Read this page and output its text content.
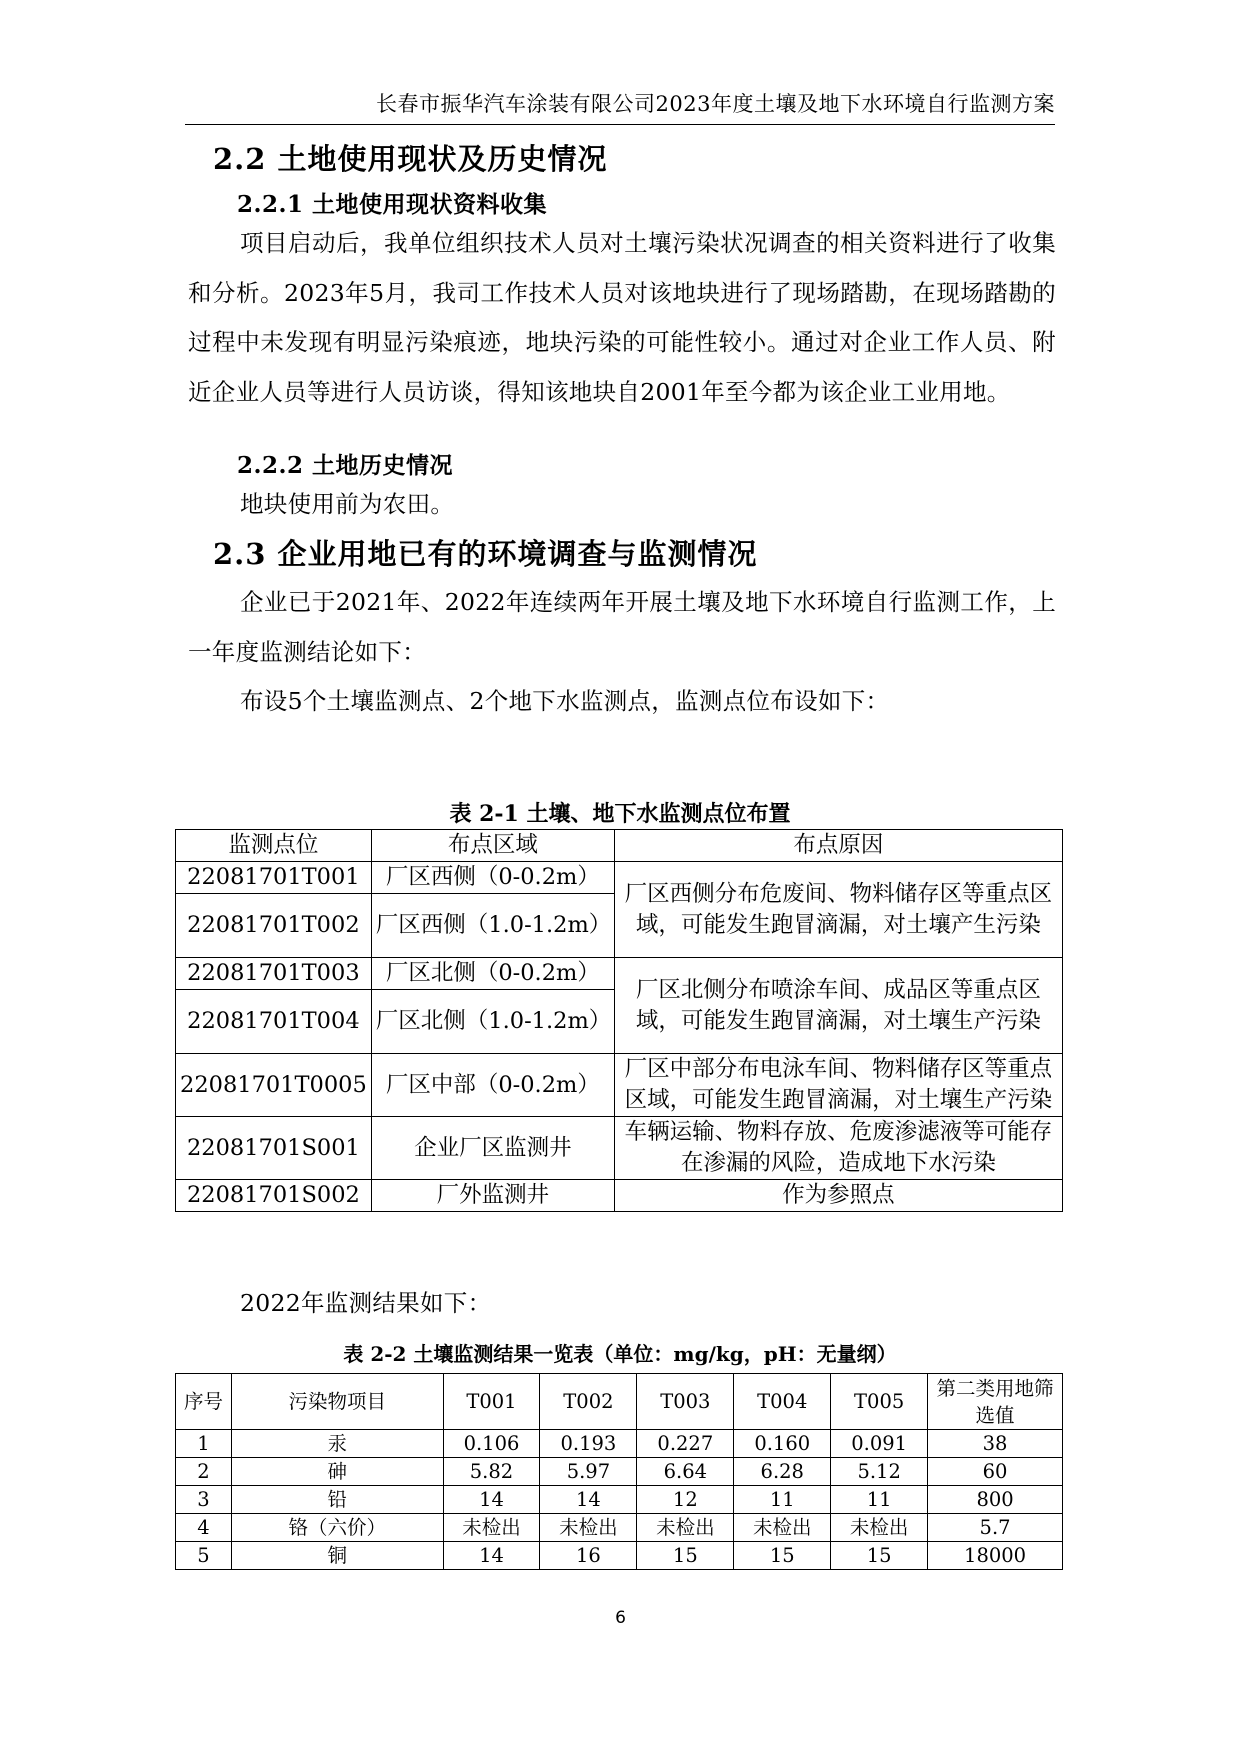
长春市振华汽车涂装有限公司2023年度土壤及地下水环境自行监测方案
2.2 土地使用现状及历史情况
2.2.1 土地使用现状资料收集
项目启动后，我单位组织技术人员对土壤污染状况调查的相关资料进行了收集和分析。2023年5月，我司工作技术人员对该地块进行了现场踏勘，在现场踏勘的过程中未发现有明显污染痕迹，地块污染的可能性较小。通过对企业工作人员、附近企业人员等进行人员访谈，得知该地块自2001年至今都为该企业工业用地。
2.2.2 土地历史情况
地块使用前为农田。
2.3 企业用地已有的环境调查与监测情况
企业已于2021年、2022年连续两年开展土壤及地下水环境自行监测工作，上一年度监测结论如下：
布设5个土壤监测点、2个地下水监测点，监测点位布设如下：
表 2-1 土壤、地下水监测点位布置
监测点位	布点区域	布点原因
22081701T001	厂区西侧（0-0.2m）	厂区西侧分布危废间、物料储存区等重点区域，可能发生跑冒滴漏，对土壤产生污染
22081701T002	厂区西侧（1.0-1.2m）	
22081701T003	厂区北侧（0-0.2m）	厂区北侧分布喷涂车间、成品区等重点区域，可能发生跑冒滴漏，对土壤生产污染
22081701T004	厂区北侧（1.0-1.2m）	
22081701T0005	厂区中部（0-0.2m）	厂区中部分布电泳车间、物料储存区等重点区域，可能发生跑冒滴漏，对土壤生产污染
22081701S001	企业厂区监测井	车辆运输、物料存放、危废渗滤液等可能存在渗漏的风险，造成地下水污染
22081701S002	厂外监测井	作为参照点
2022年监测结果如下：
表 2-2 土壤监测结果一览表（单位：mg/kg，pH：无量纲）
序号	污染物项目	T001	T002	T003	T004	T005	第二类用地筛选值
1	汞	0.106	0.193	0.227	0.160	0.091	38
2	砷	5.82	5.97	6.64	6.28	5.12	60
3	铅	14	14	12	11	11	800
4	铬（六价）	未检出	未检出	未检出	未检出	未检出	5.7
5	铜	14	16	15	15	15	18000
6
